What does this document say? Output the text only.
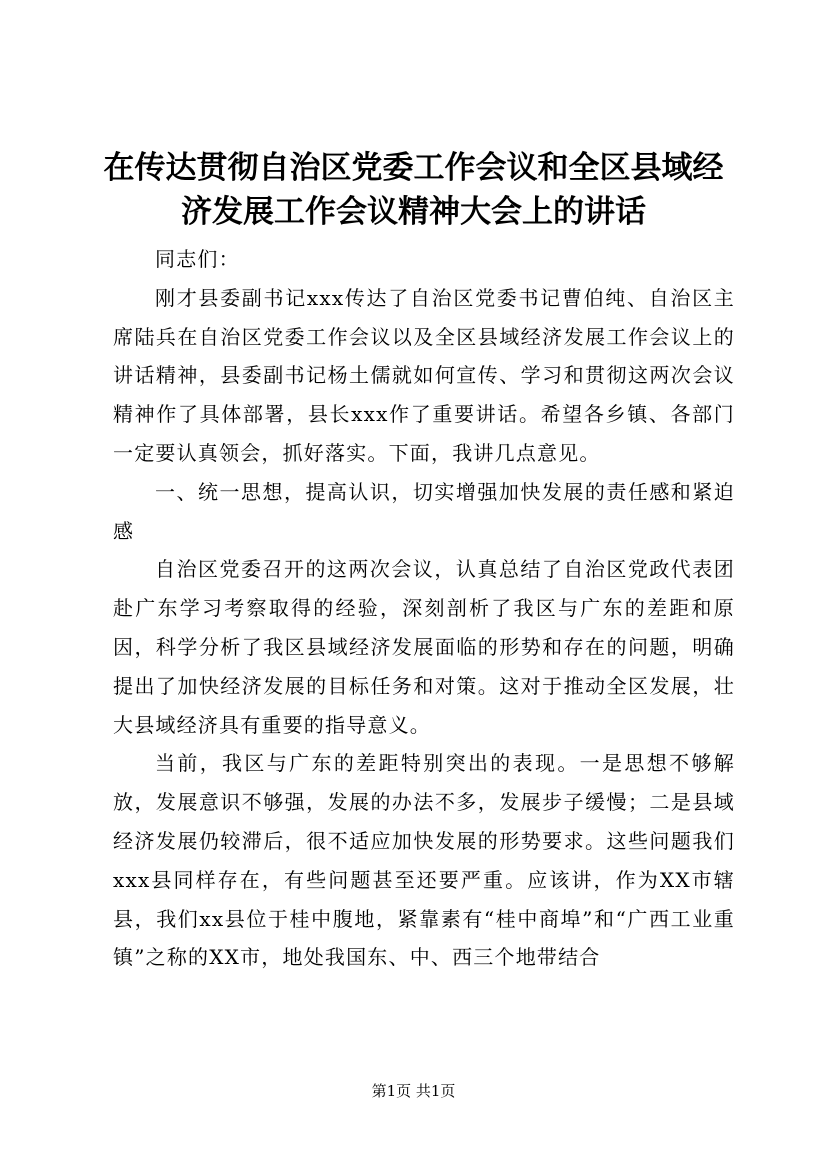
在传达贯彻自治区党委工作会议和全区县域经
济发展工作会议精神大会上的讲话

同志们：

刚才县委副书记xxx传达了自治区党委书记曹伯纯、自治区主席陆兵在自治区党委工作会议以及全区县域经济发展工作会议上的讲话精神，县委副书记杨土儒就如何宣传、学习和贯彻这两次会议精神作了具体部署，县长xxx作了重要讲话。希望各乡镇、各部门一定要认真领会，抓好落实。下面，我讲几点意见。

一、统一思想，提高认识，切实增强加快发展的责任感和紧迫感

自治区党委召开的这两次会议，认真总结了自治区党政代表团赴广东学习考察取得的经验，深刻剖析了我区与广东的差距和原因，科学分析了我区县域经济发展面临的形势和存在的问题，明确提出了加快经济发展的目标任务和对策。这对于推动全区发展，壮大县域经济具有重要的指导意义。

当前，我区与广东的差距特别突出的表现。一是思想不够解放，发展意识不够强，发展的办法不多，发展步子缓慢；二是县域经济发展仍较滞后，很不适应加快发展的形势要求。这些问题我们xxx县同样存在，有些问题甚至还要严重。应该讲，作为XX市辖县，我们xx县位于桂中腹地，紧靠素有“桂中商埠”和“广西工业重镇”之称的XX市，地处我国东、中、西三个地带结合

第1页 共1页
